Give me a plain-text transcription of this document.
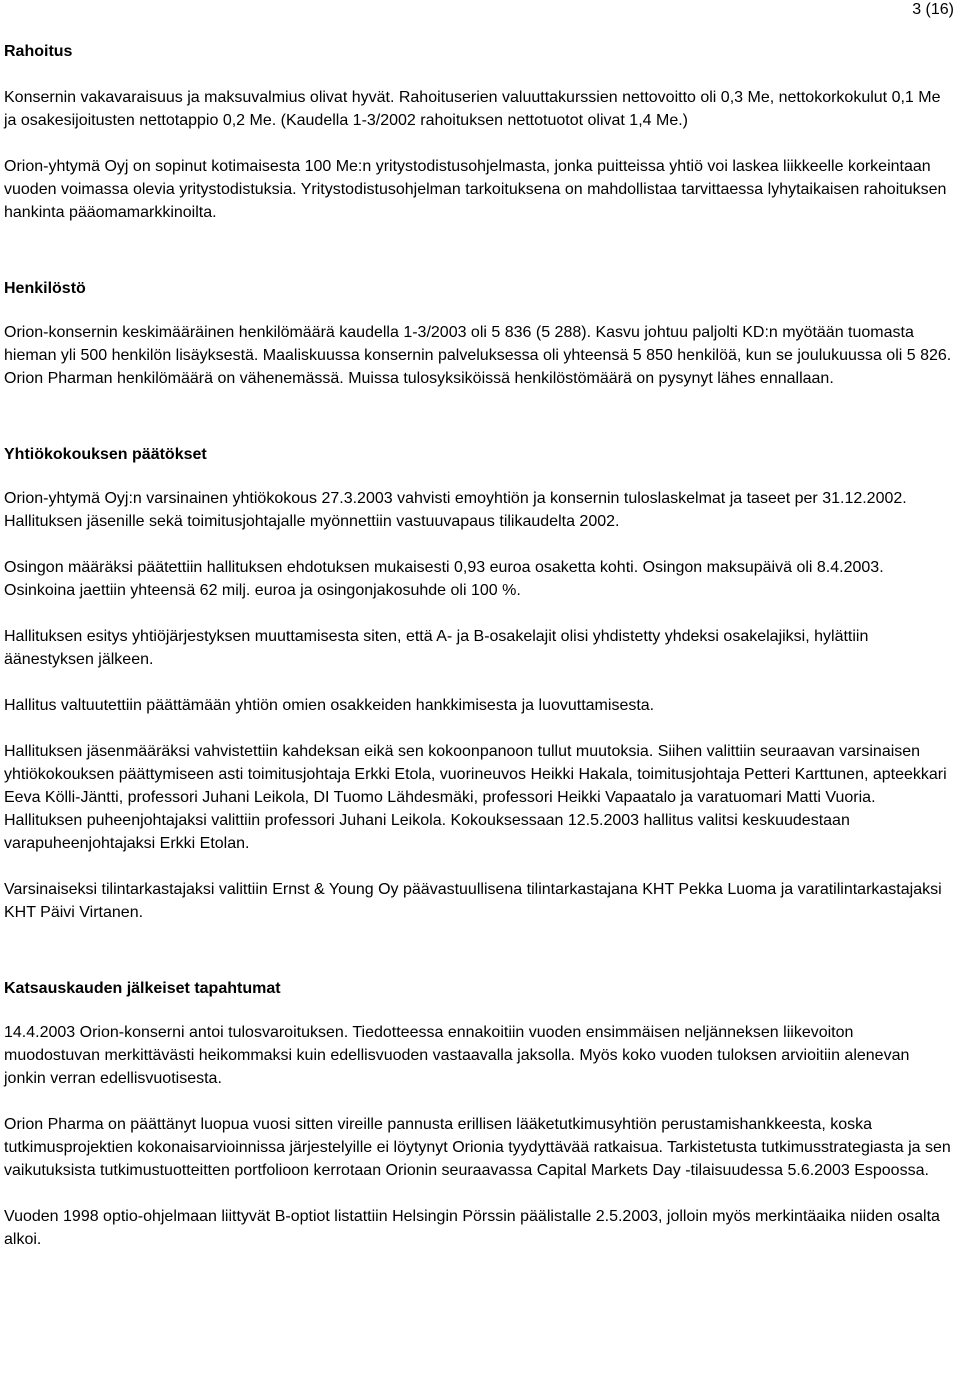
3 (16)
Rahoitus

Konsernin vakavaraisuus ja maksuvalmius olivat hyvät. Rahoituserien valuuttakurssien nettovoitto oli 0,3 Me, nettokorkokulut 0,1 Me ja osakesijoitusten nettotappio 0,2 Me. (Kaudella 1-3/2002 rahoituksen nettotuotot olivat 1,4 Me.)

Orion-yhtymä Oyj on sopinut kotimaisesta 100 Me:n yritystodistusohjelmasta, jonka puitteissa yhtiö voi laskea liikkeelle korkeintaan vuoden voimassa olevia yritystodistuksia. Yritystodistusohjelman tarkoituksena on mahdollistaa tarvittaessa lyhytaikaisen rahoituksen hankinta pääomamarkkinoilta.

Henkilöstö

Orion-konsernin keskimääräinen henkilömäärä kaudella 1-3/2003 oli 5 836 (5 288). Kasvu johtuu paljolti KD:n myötään tuomasta hieman yli 500 henkilön lisäyksestä. Maaliskuussa konsernin palveluksessa oli yhteensä 5 850 henkilöä, kun se joulukuussa oli 5 826. Orion Pharman henkilömäärä on vähenemässä. Muissa tulosyksiköissä henkilöstömäärä on pysynyt lähes ennallaan.

Yhtiökokouksen päätökset

Orion-yhtymä Oyj:n varsinainen yhtiökokous 27.3.2003 vahvisti emoyhtiön ja konsernin tuloslaskelmat ja taseet per 31.12.2002. Hallituksen jäsenille sekä toimitusjohtajalle myönnettiin vastuuvapaus tilikaudelta 2002.

Osingon määräksi päätettiin hallituksen ehdotuksen mukaisesti 0,93 euroa osaketta kohti. Osingon maksupäivä oli 8.4.2003. Osinkoina jaettiin yhteensä 62 milj. euroa ja osingonjakosuhde oli 100 %.

Hallituksen esitys yhtiöjärjestyksen muuttamisesta siten, että A- ja B-osakelajit olisi yhdistetty yhdeksi osakelajiksi, hylättiin äänestyksen jälkeen.

Hallitus valtuutettiin päättämään yhtiön omien osakkeiden hankkimisesta ja luovuttamisesta.

Hallituksen jäsenmääräksi vahvistettiin kahdeksan eikä sen kokoonpanoon tullut muutoksia. Siihen valittiin seuraavan varsinaisen yhtiökokouksen päättymiseen asti toimitusjohtaja Erkki Etola, vuorineuvos Heikki Hakala, toimitusjohtaja Petteri Karttunen, apteekkari Eeva Kölli-Jäntti, professori Juhani Leikola, DI Tuomo Lähdesmäki, professori Heikki Vapaatalo ja varatuomari Matti Vuoria. Hallituksen puheenjohtajaksi valittiin professori Juhani Leikola. Kokouksessaan 12.5.2003 hallitus valitsi keskuudestaan varapuheenjohtajaksi Erkki Etolan.

Varsinaiseksi tilintarkastajaksi valittiin Ernst & Young Oy päävastuullisena tilintarkastajana KHT Pekka Luoma ja varatilintarkastajaksi KHT Päivi Virtanen.

Katsauskauden jälkeiset tapahtumat

14.4.2003 Orion-konserni antoi tulosvaroituksen. Tiedotteessa ennakoitiin vuoden ensimmäisen neljänneksen liikevoiton muodostuvan merkittävästi heikommaksi kuin edellisvuoden vastaavalla jaksolla. Myös koko vuoden tuloksen arvioitiin alenevan jonkin verran edellisvuotisesta.

Orion Pharma on päättänyt luopua vuosi sitten vireille pannusta erillisen lääketutkimusyhtiön perustamishankkeesta, koska tutkimusprojektien kokonaisarvioinnissa järjestelyille ei löytynyt Orionia tyydyttävää ratkaisua. Tarkistetusta tutkimusstrategiasta ja sen vaikutuksista tutkimustuotteitten portfolioon kerrotaan Orionin seuraavassa Capital Markets Day -tilaisuudessa 5.6.2003 Espoossa.

Vuoden 1998 optio-ohjelmaan liittyvät B-optiot listattiin Helsingin Pörssin päälistalle 2.5.2003, jolloin myös merkintäaika niiden osalta alkoi.
